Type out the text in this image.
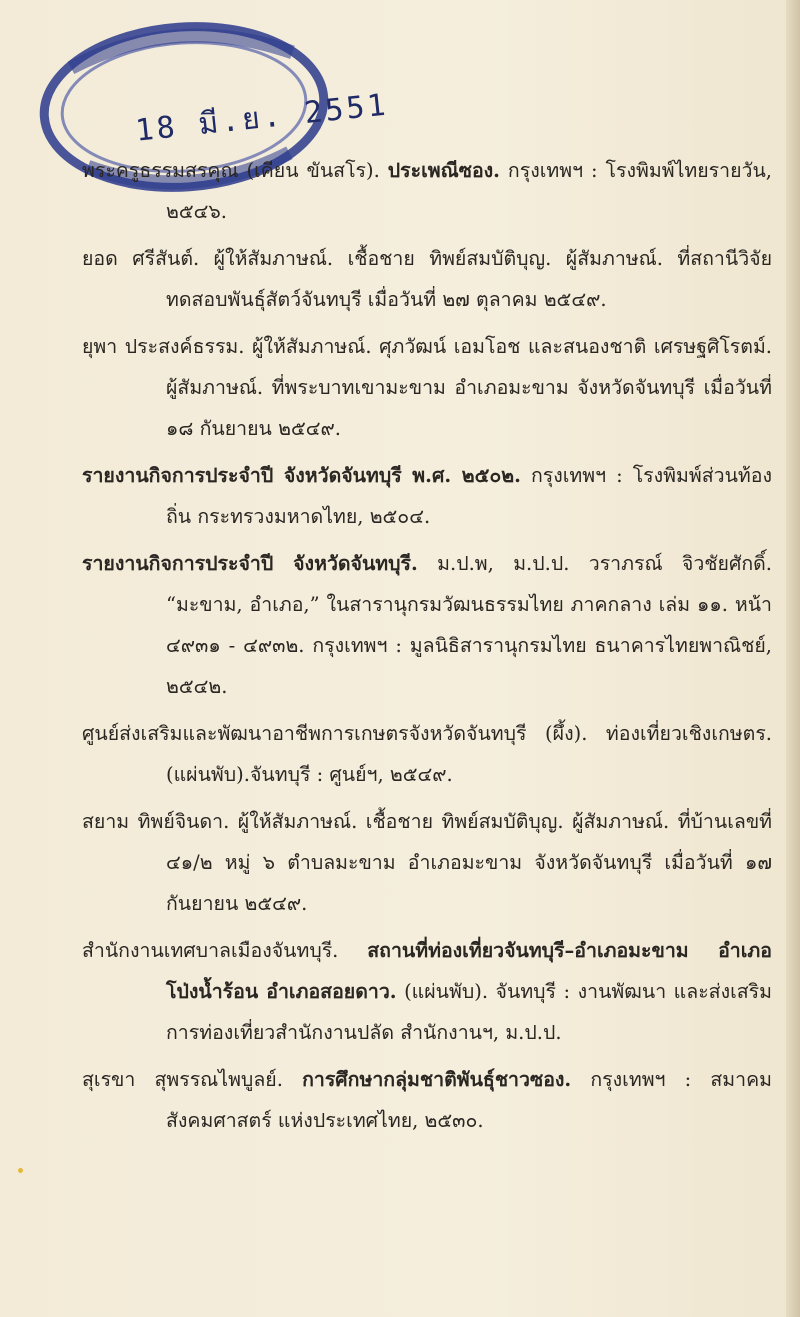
18 มี.ย. 2551

พระครูธรรมสรคุณ (เคียน ขันสโร). ประเพณีซอง. กรุงเทพฯ : โรงพิมพ์ไทยรายวัน, ๒๕๔๖.

ยอด ศรีสันต์. ผู้ให้สัมภาษณ์. เชื้อชาย ทิพย์สมบัติบุญ. ผู้สัมภาษณ์. ที่สถานีวิจัยทดสอบพันธุ์สัตว์จันทบุรี เมื่อวันที่ ๒๗ ตุลาคม ๒๕๔๙.

ยุพา ประสงค์ธรรม. ผู้ให้สัมภาษณ์. ศุภวัฒน์ เอมโอช และสนองชาติ เศรษฐศิโรตม์. ผู้สัมภาษณ์. ที่พระบาทเขามะขาม อำเภอมะขาม จังหวัดจันทบุรี เมื่อวันที่ ๑๘ กันยายน ๒๕๔๙.

รายงานกิจการประจำปี จังหวัดจันทบุรี พ.ศ. ๒๕๐๒. กรุงเทพฯ : โรงพิมพ์ส่วนท้องถิ่น กระทรวงมหาดไทย, ๒๕๐๔.

รายงานกิจการประจำปี จังหวัดจันทบุรี. ม.ป.พ, ม.ป.ป. วราภรณ์ จิวชัยศักดิ์. “มะขาม, อำเภอ,” ในสารานุกรมวัฒนธรรมไทย ภาคกลาง เล่ม ๑๑. หน้า ๔๙๓๑ - ๔๙๓๒. กรุงเทพฯ : มูลนิธิสารานุกรมไทย ธนาคารไทยพาณิชย์, ๒๕๔๒.

ศูนย์ส่งเสริมและพัฒนาอาชีพการเกษตรจังหวัดจันทบุรี (ผึ้ง). ท่องเที่ยวเชิงเกษตร. (แผ่นพับ).จันทบุรี : ศูนย์ฯ, ๒๕๔๙.

สยาม ทิพย์จินดา. ผู้ให้สัมภาษณ์. เชื้อชาย ทิพย์สมบัติบุญ. ผู้สัมภาษณ์. ที่บ้านเลขที่ ๔๑/๒ หมู่ ๖ ตำบลมะขาม อำเภอมะขาม จังหวัดจันทบุรี เมื่อวันที่ ๑๗ กันยายน ๒๕๔๙.

สำนักงานเทศบาลเมืองจันทบุรี. สถานที่ท่องเที่ยวจันทบุรี–อำเภอมะขาม อำเภอโป่งน้ำร้อน อำเภอสอยดาว. (แผ่นพับ). จันทบุรี : งานพัฒนา และส่งเสริมการท่องเที่ยวสำนักงานปลัด สำนักงานฯ, ม.ป.ป.

สุเรขา สุพรรณไพบูลย์. การศึกษากลุ่มชาติพันธุ์ชาวซอง. กรุงเทพฯ : สมาคมสังคมศาสตร์ แห่งประเทศไทย, ๒๕๓๐.
